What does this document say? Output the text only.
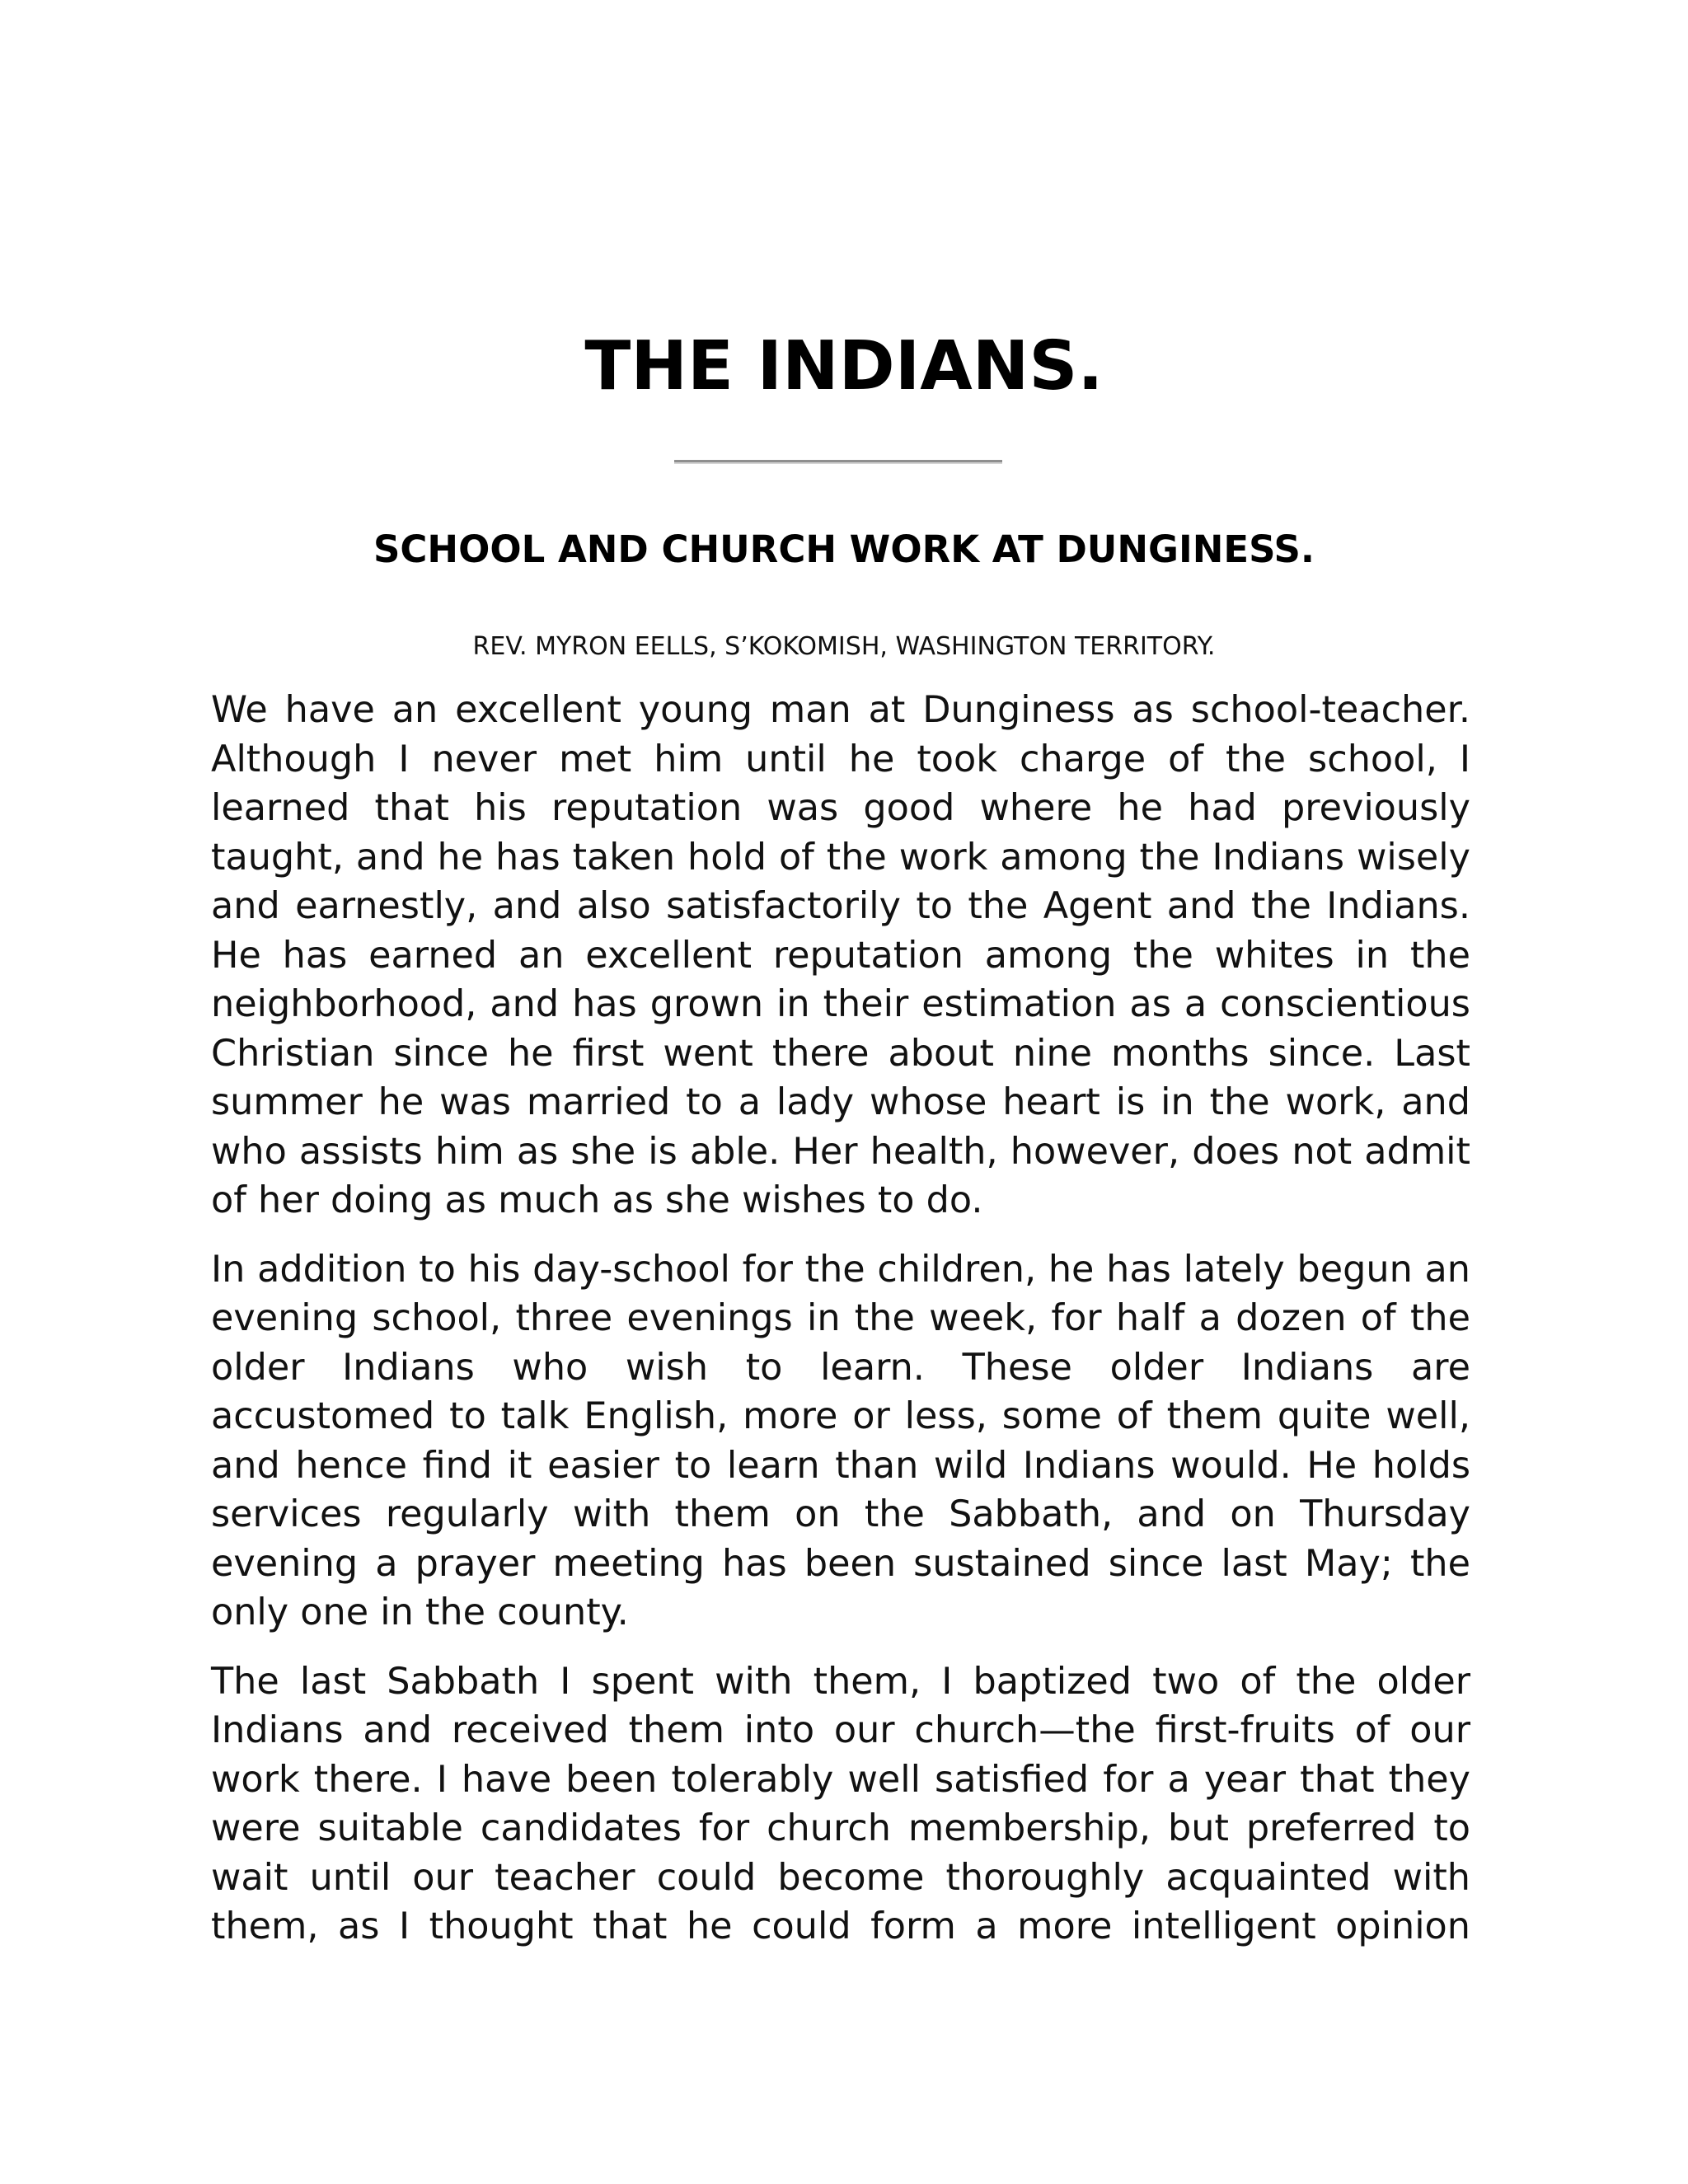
THE INDIANS.
SCHOOL AND CHURCH WORK AT DUNGINESS.
REV. MYRON EELLS, S’KOKOMISH, WASHINGTON TERRITORY.

We have an excellent young man at Dunginess as school-teacher. Although I never met him until he took charge of the school, I learned that his reputation was good where he had previously taught, and he has taken hold of the work among the Indians wisely and earnestly, and also satisfactorily to the Agent and the Indians. He has earned an excellent reputation among the whites in the neighborhood, and has grown in their estimation as a conscientious Christian since he first went there about nine months since. Last summer he was married to a lady whose heart is in the work, and who assists him as she is able. Her health, however, does not admit of her doing as much as she wishes to do.

In addition to his day-school for the children, he has lately begun an evening school, three evenings in the week, for half a dozen of the older Indians who wish to learn. These older Indians are accustomed to talk English, more or less, some of them quite well, and hence find it easier to learn than wild Indians would. He holds services regularly with them on the Sabbath, and on Thursday evening a prayer meeting has been sustained since last May; the only one in the county.

The last Sabbath I spent with them, I baptized two of the older Indians and received them into our church—the first-fruits of our work there. I have been tolerably well satisfied for a year that they were suitable candidates for church membership, but preferred to wait until our teacher could become thoroughly acquainted with them, as I thought that he could form a more intelligent opinion
